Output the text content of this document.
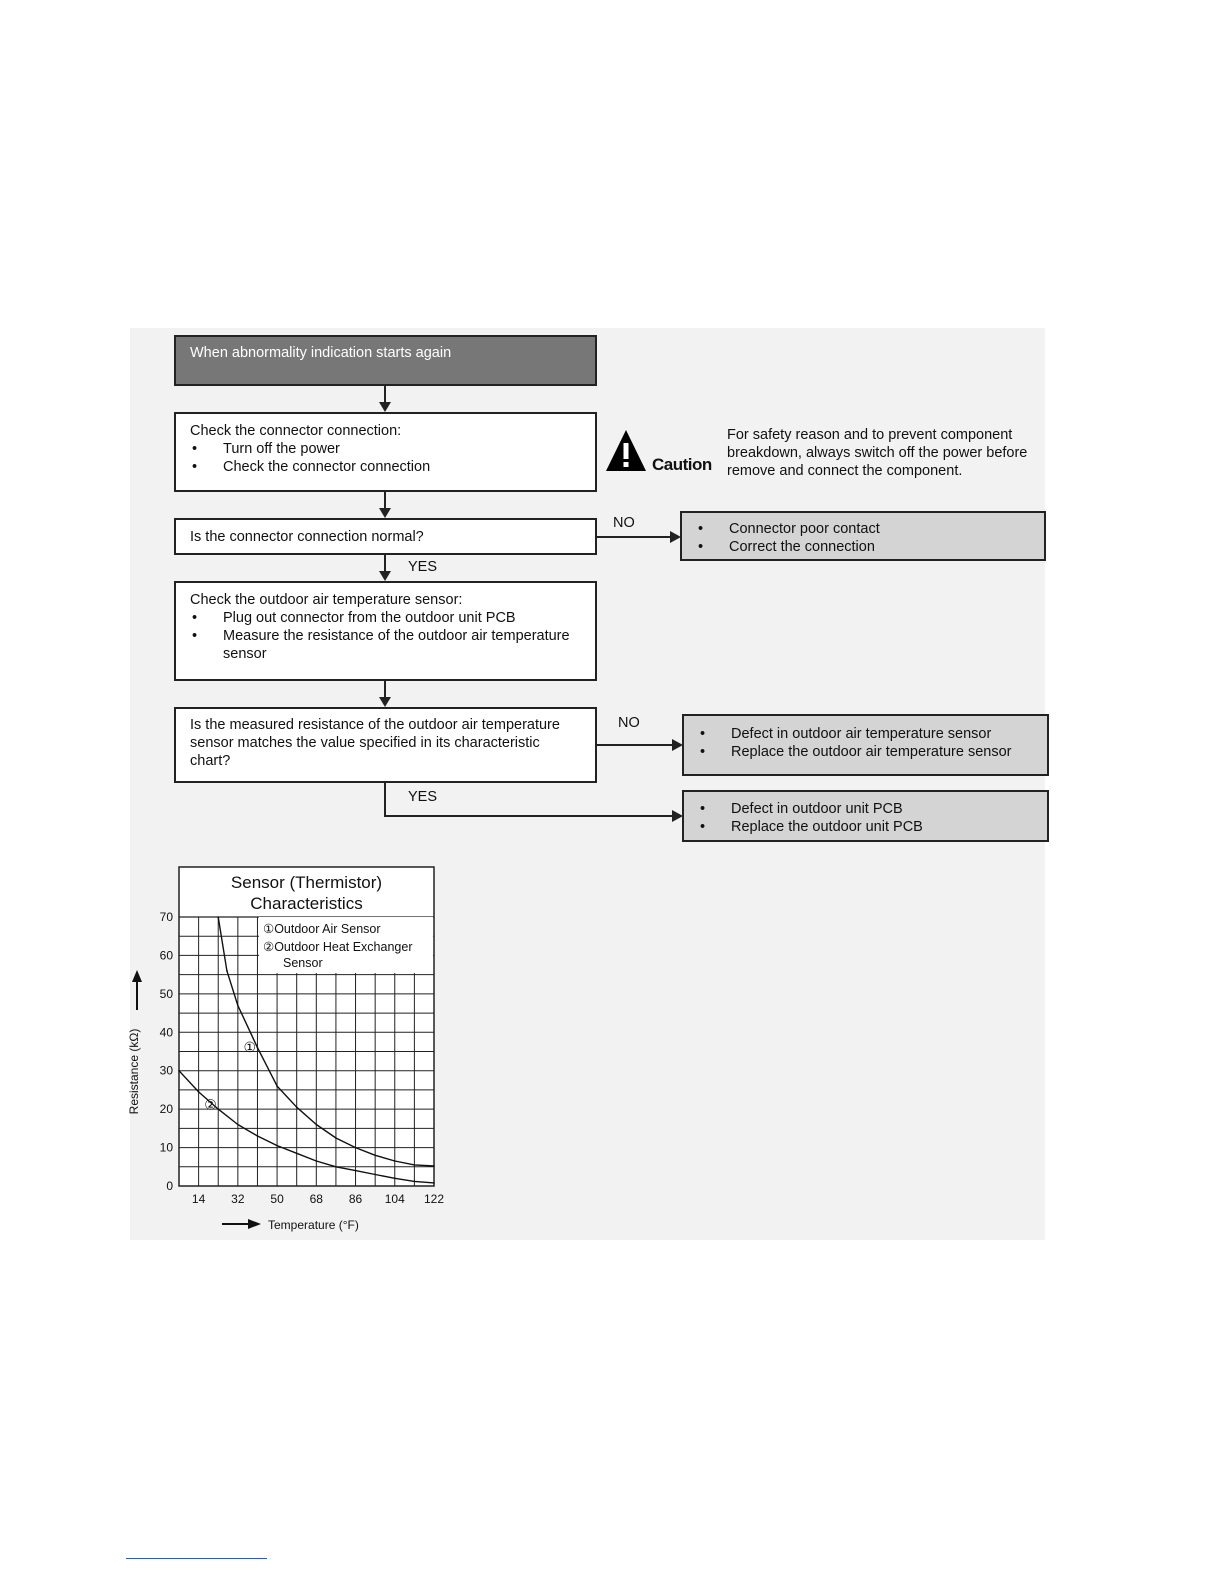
When abnormality indication starts again
Check the connector connection:
• Turn off the power
• Check the connector connection	Caution
For safety reason and to prevent component breakdown, always switch off the power before remove and connect the component.
Is the connector connection normal?
NO
•	Connector poor contact
• Correct the connection
YES
Check the outdoor air temperature sensor:
• Plug out connector from the outdoor unit PCB
• Measure the resistance of the outdoor air temperature sensor
Is the measured resistance of the outdoor air temperature sensor matches the value specified in its characteristic chart?
NO
• Defect in outdoor air temperature sensor
• Replace the outdoor air temperature sensor
YES
• Defect in outdoor unit PCB
• Replace the outdoor unit PCB
Sensor (Thermistor) Characteristics
①Outdoor Air Sensor
②Outdoor Heat Exchanger
Sensor
0
10
20
30
40
50
60
70
14 32 50 68 86 104 122
Resistance (kΩ)
Temperature (°F)
①
②
